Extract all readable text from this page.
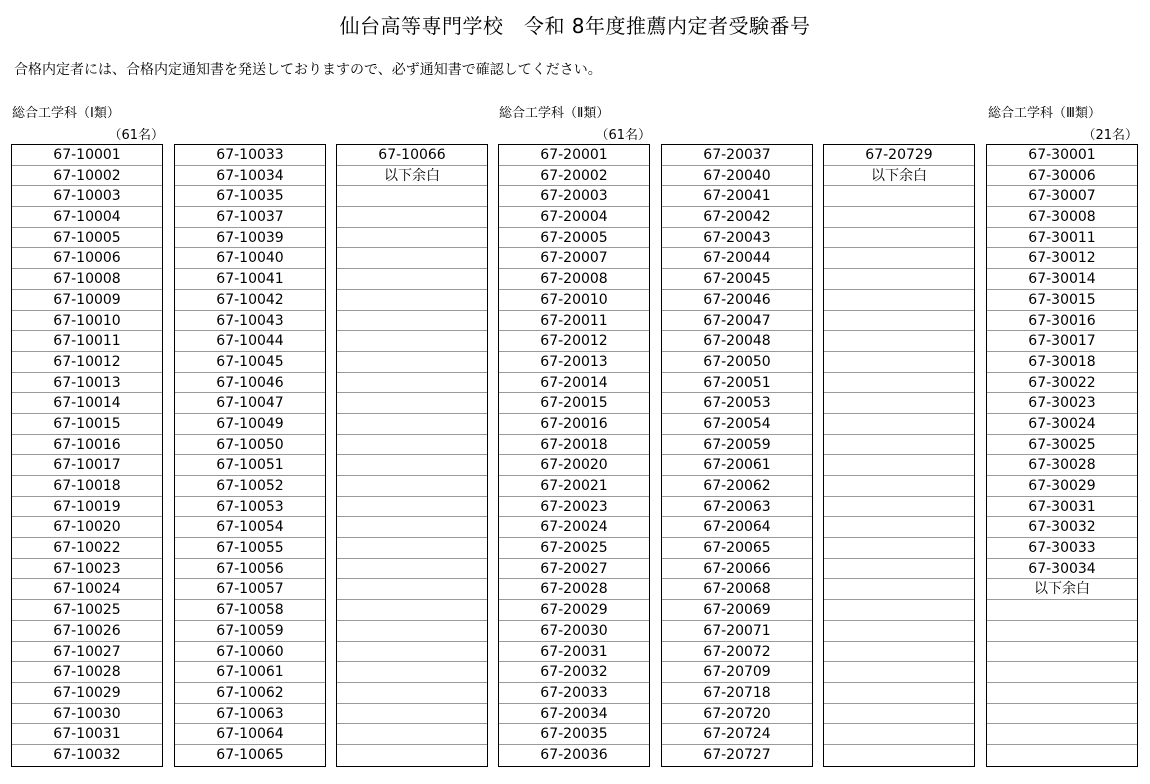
仙台高等専門学校　令和 8年度推薦内定者受験番号
合格内定者には、合格内定通知書を発送しておりますので、必ず通知書で確認してください。
総合工学科（Ⅰ類）
（61名）
総合工学科（Ⅱ類）
（61名）
総合工学科（Ⅲ類）
（21名）
67-10001
67-10002
67-10003
67-10004
67-10005
67-10006
67-10008
67-10009
67-10010
67-10011
67-10012
67-10013
67-10014
67-10015
67-10016
67-10017
67-10018
67-10019
67-10020
67-10022
67-10023
67-10024
67-10025
67-10026
67-10027
67-10028
67-10029
67-10030
67-10031
67-10032
67-10033
67-10034
67-10035
67-10037
67-10039
67-10040
67-10041
67-10042
67-10043
67-10044
67-10045
67-10046
67-10047
67-10049
67-10050
67-10051
67-10052
67-10053
67-10054
67-10055
67-10056
67-10057
67-10058
67-10059
67-10060
67-10061
67-10062
67-10063
67-10064
67-10065
67-10066
以下余白
67-20001
67-20002
67-20003
67-20004
67-20005
67-20007
67-20008
67-20010
67-20011
67-20012
67-20013
67-20014
67-20015
67-20016
67-20018
67-20020
67-20021
67-20023
67-20024
67-20025
67-20027
67-20028
67-20029
67-20030
67-20031
67-20032
67-20033
67-20034
67-20035
67-20036
67-20037
67-20040
67-20041
67-20042
67-20043
67-20044
67-20045
67-20046
67-20047
67-20048
67-20050
67-20051
67-20053
67-20054
67-20059
67-20061
67-20062
67-20063
67-20064
67-20065
67-20066
67-20068
67-20069
67-20071
67-20072
67-20709
67-20718
67-20720
67-20724
67-20727
67-20729
以下余白
67-30001
67-30006
67-30007
67-30008
67-30011
67-30012
67-30014
67-30015
67-30016
67-30017
67-30018
67-30022
67-30023
67-30024
67-30025
67-30028
67-30029
67-30031
67-30032
67-30033
67-30034
以下余白
